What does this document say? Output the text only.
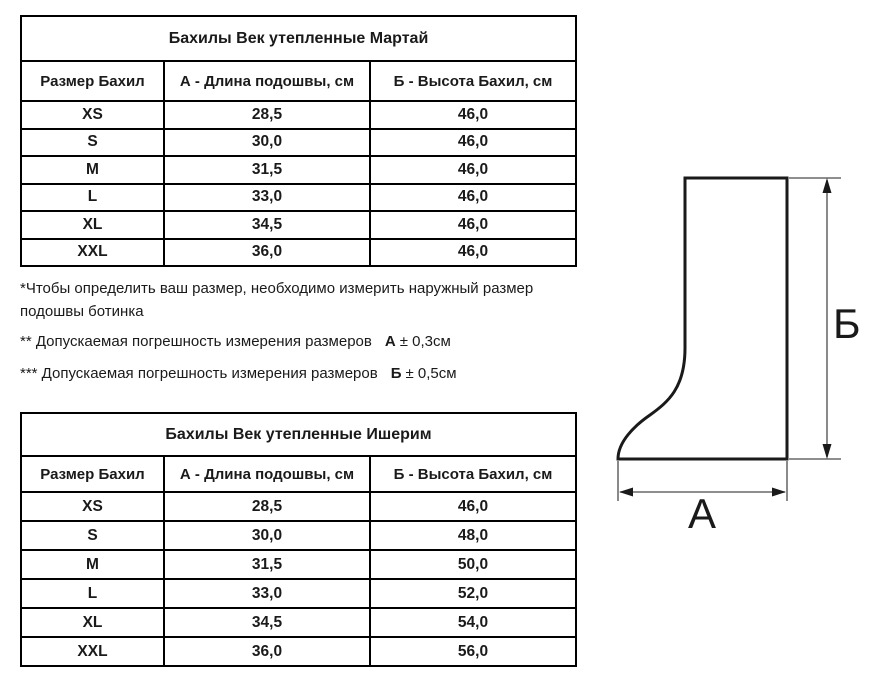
Бахилы Век утепленные Мартай		
Размер Бахил	А - Длина подошвы, см	Б - Высота Бахил, см
XS	28,5	46,0
S	30,0	46,0
M	31,5	46,0
L	33,0	46,0
XL	34,5	46,0
XXL	36,0	46,0
*Чтобы определить ваш размер, необходимо измерить наружный размер подошвы ботинка
** Допускаемая погрешность измерения размеров А ± 0,3см
*** Допускаемая погрешность измерения размеров Б ± 0,5см
Бахилы Век утепленные Ишерим		
Размер Бахил	А - Длина подошвы, см	Б - Высота Бахил, см
XS	28,5	46,0
S	30,0	48,0
M	31,5	50,0
L	33,0	52,0
XL	34,5	54,0
XXL	36,0	56,0
Б
А
